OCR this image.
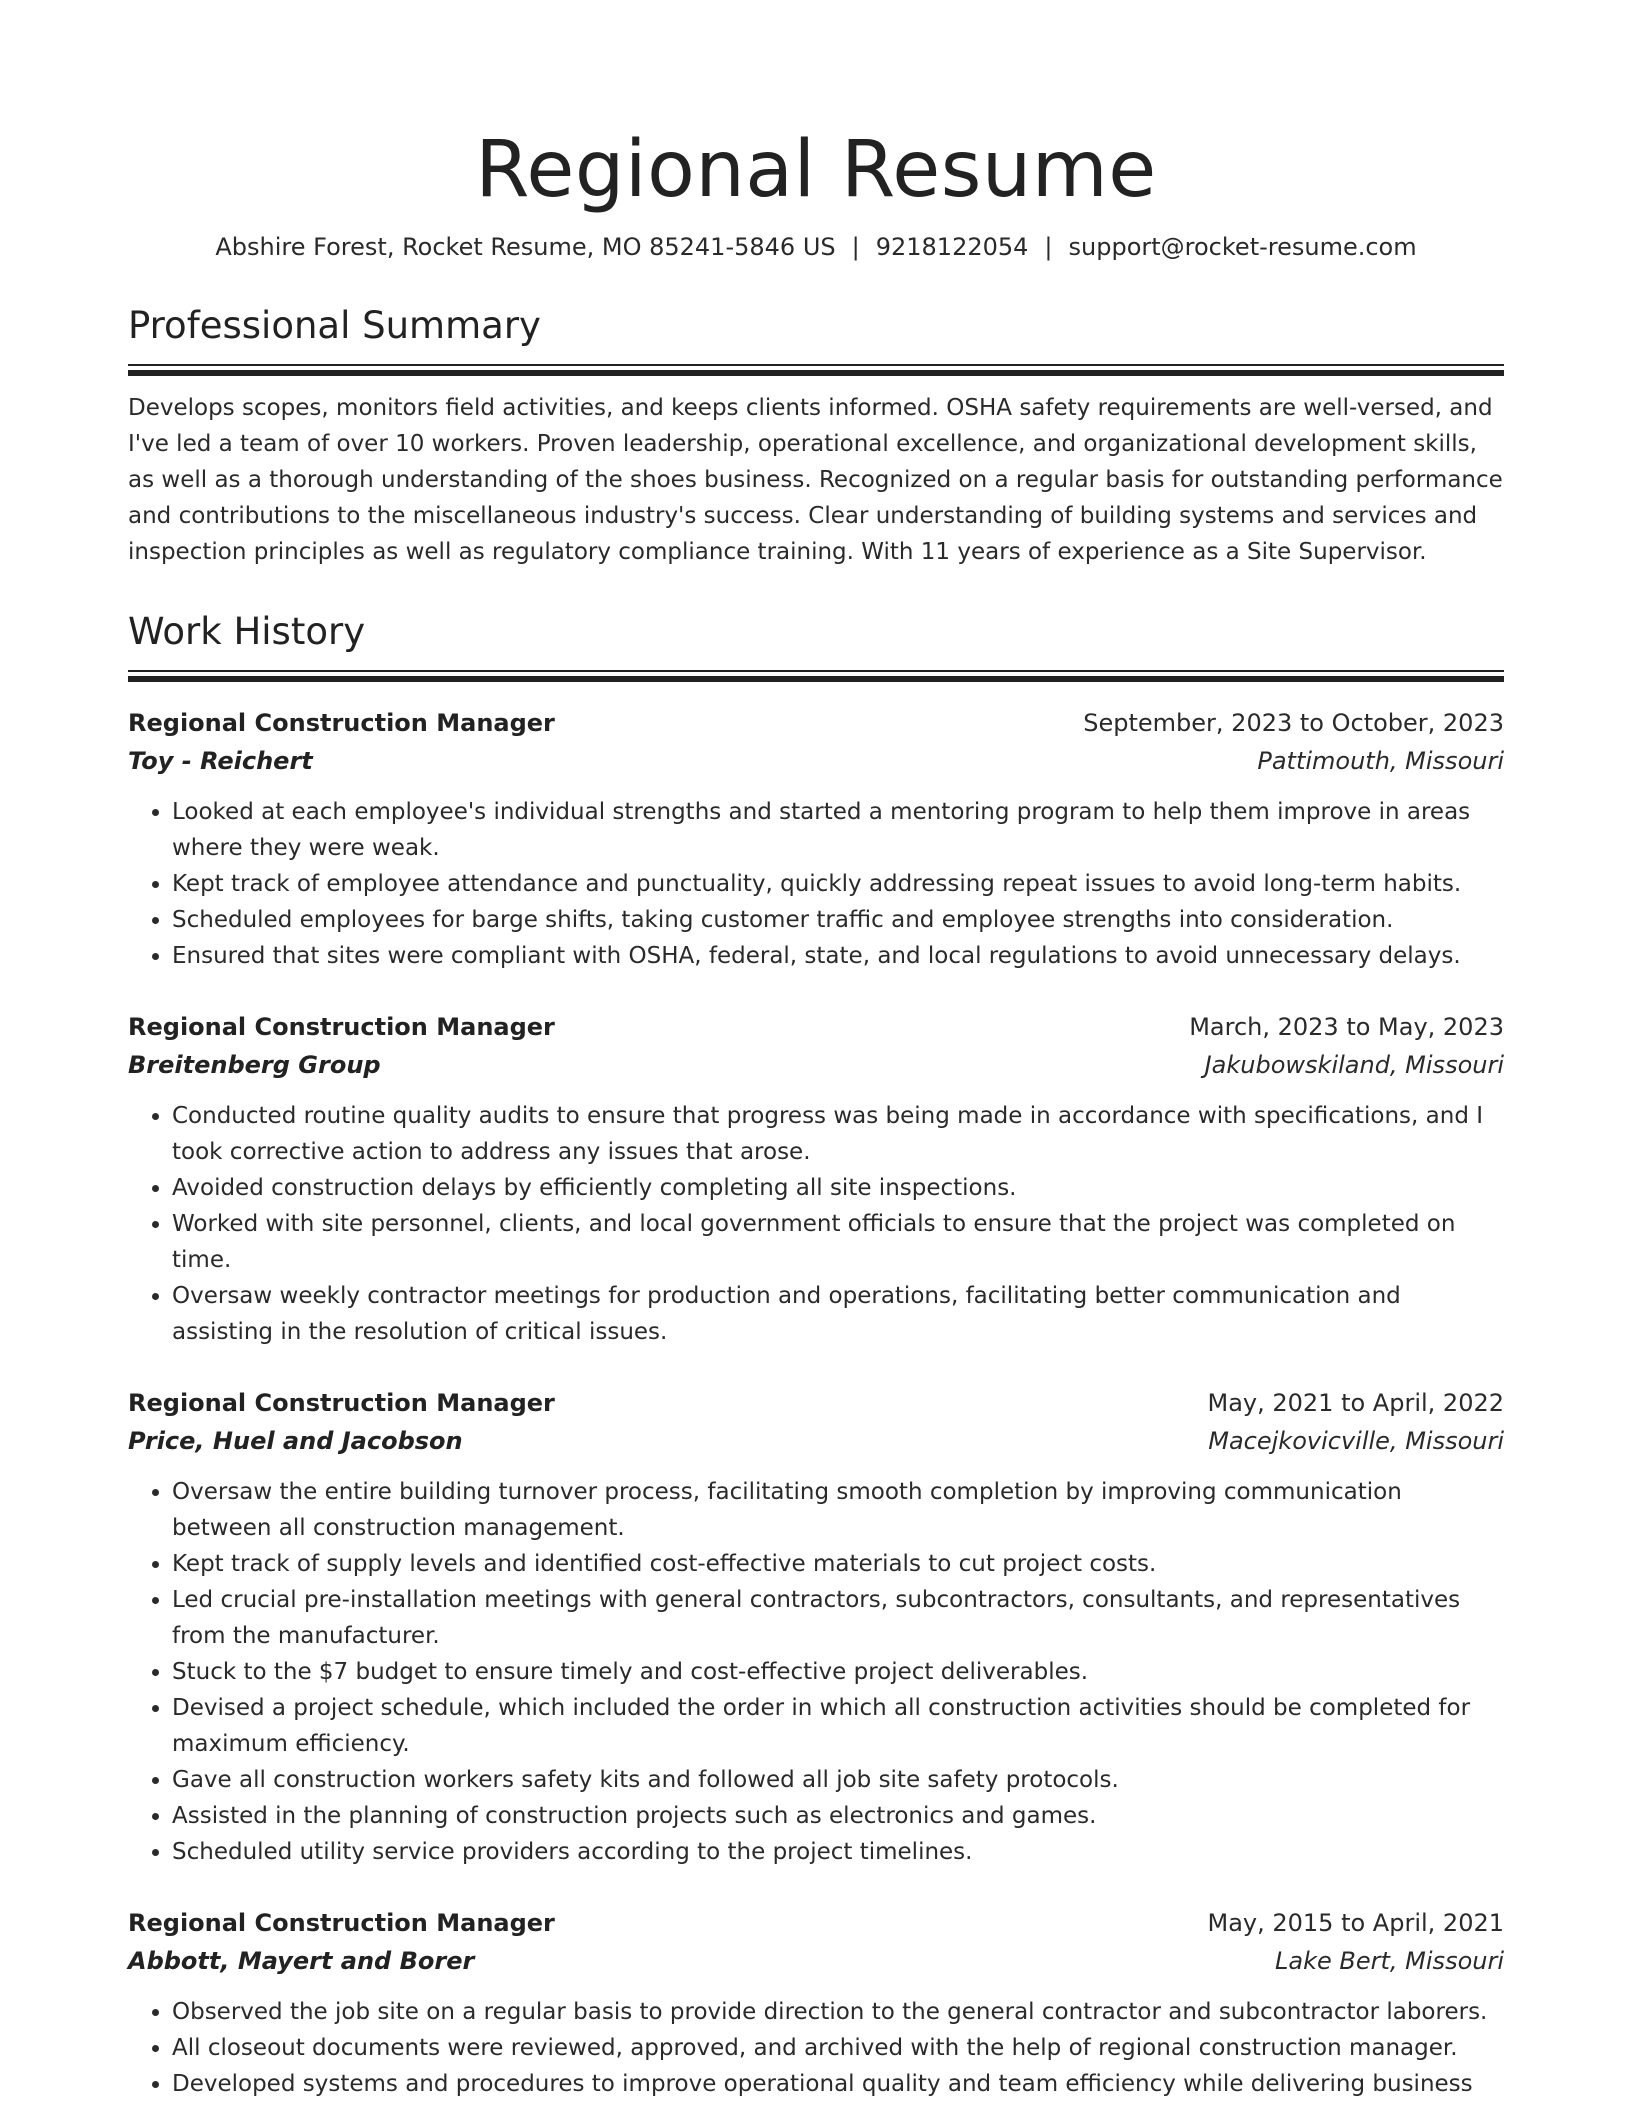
Regional Resume
Abshire Forest, Rocket Resume, MO 85241-5846 US | 9218122054 | support@rocket-resume.com
Professional Summary
Develops scopes, monitors field activities, and keeps clients informed. OSHA safety requirements are well-versed, and I've led a team of over 10 workers. Proven leadership, operational excellence, and organizational development skills, as well as a thorough understanding of the shoes business. Recognized on a regular basis for outstanding performance and contributions to the miscellaneous industry's success. Clear understanding of building systems and services and inspection principles as well as regulatory compliance training. With 11 years of experience as a Site Supervisor.
Work History
Regional Construction Manager	September, 2023 to October, 2023
Toy - Reichert	Pattimouth, Missouri
• Looked at each employee's individual strengths and started a mentoring program to help them improve in areas where they were weak.
• Kept track of employee attendance and punctuality, quickly addressing repeat issues to avoid long-term habits.
• Scheduled employees for barge shifts, taking customer traffic and employee strengths into consideration.
• Ensured that sites were compliant with OSHA, federal, state, and local regulations to avoid unnecessary delays.
Regional Construction Manager	March, 2023 to May, 2023
Breitenberg Group	Jakubowskiland, Missouri
• Conducted routine quality audits to ensure that progress was being made in accordance with specifications, and I took corrective action to address any issues that arose.
• Avoided construction delays by efficiently completing all site inspections.
• Worked with site personnel, clients, and local government officials to ensure that the project was completed on time.
• Oversaw weekly contractor meetings for production and operations, facilitating better communication and assisting in the resolution of critical issues.
Regional Construction Manager	May, 2021 to April, 2022
Price, Huel and Jacobson	Macejkovicville, Missouri
• Oversaw the entire building turnover process, facilitating smooth completion by improving communication between all construction management.
• Kept track of supply levels and identified cost-effective materials to cut project costs.
• Led crucial pre-installation meetings with general contractors, subcontractors, consultants, and representatives from the manufacturer.
• Stuck to the $7 budget to ensure timely and cost-effective project deliverables.
• Devised a project schedule, which included the order in which all construction activities should be completed for maximum efficiency.
• Gave all construction workers safety kits and followed all job site safety protocols.
• Assisted in the planning of construction projects such as electronics and games.
• Scheduled utility service providers according to the project timelines.
Regional Construction Manager	May, 2015 to April, 2021
Abbott, Mayert and Borer	Lake Bert, Missouri
• Observed the job site on a regular basis to provide direction to the general contractor and subcontractor laborers.
• All closeout documents were reviewed, approved, and archived with the help of regional construction manager.
• Developed systems and procedures to improve operational quality and team efficiency while delivering business
